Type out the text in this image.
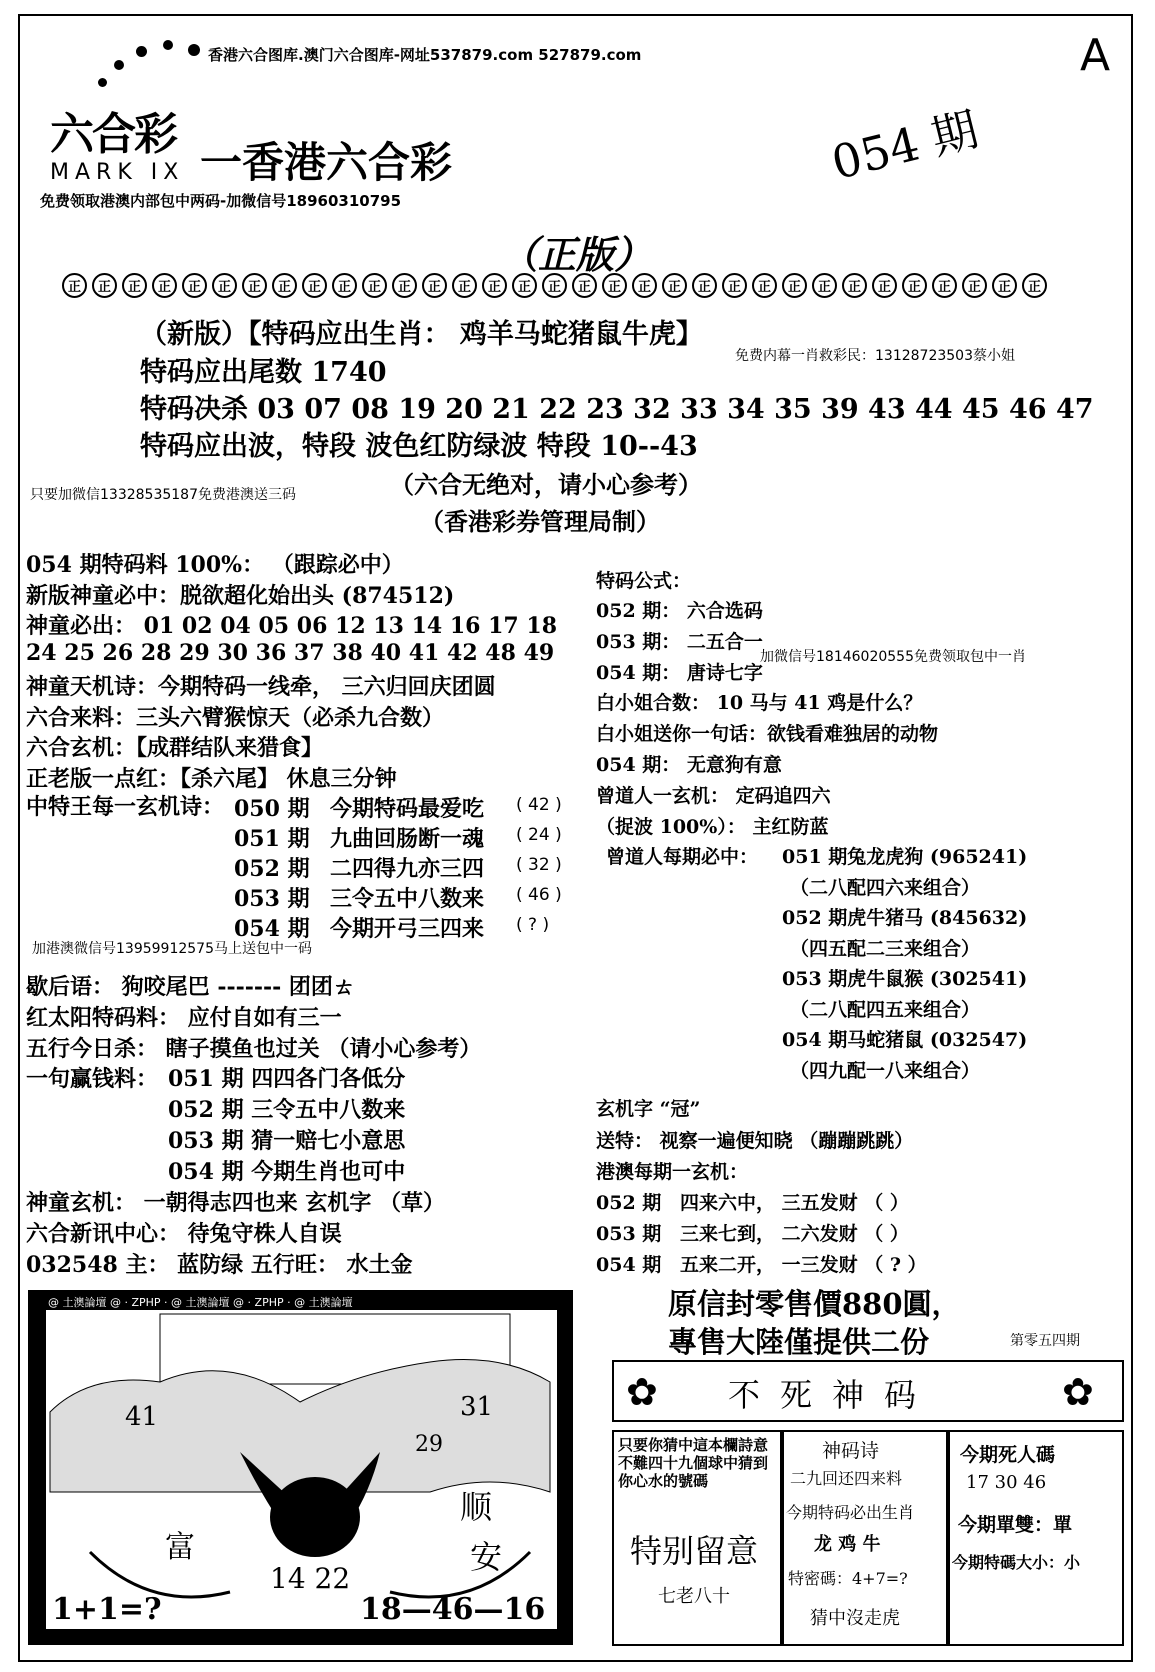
香港六合图库.澳门六合图库-网址537879.com 527879.com
六合彩
MARK IX 一香港六合彩
免费领取港澳内部包中两码-加微信号18960310795
054 期
A
（正版）
正	正	正	正	正	正	正	正	正	正	正	正	正	正	正	正	正	正	正	正	正	正	正	正	正	正	正	正	正	正	正	正	正
（新版）【特码应出生肖： 鸡羊马蛇猪鼠牛虎】
免费内幕一肖救彩民：13128723503蔡小姐
特码应出尾数 1740
特码决杀 03 07 08 19 20 21 22 23 32 33 34 35 39 43 44 45 46 47
特码应出波，特段 波色红防绿波 特段 10--43
（六合无绝对，请小心参考）
只要加微信13328535187免费港澳送三码
（香港彩券管理局制）
054 期特码料 100%： （跟踪必中）
新版神童必中：脱欲超化始出头 (874512)
神童必出： 01 02 04 05 06 12 13 14 16 17 18
24 25 26 28 29 30 36 37 38 40 41 42 48 49
神童天机诗：今期特码一线牵， 三六归回庆团圆
六合来料：三头六臂猴惊天（必杀九合数）
六合玄机：【成群结队来猎食】
正老版一点红：【杀六尾】 休息三分钟
中特王每一玄机诗： 050 期 今期特码最爱吃 ( 42 )
051 期 九曲回肠断一魂 ( 24 )
052 期 二四得九亦三四 ( 32 )
053 期 三令五中八数来 ( 46 )
054 期 今期开弓三四来 ( ? )
加港澳微信号13959912575马上送包中一码
歇后语： 狗咬尾巴 ------- 团团ㄊ
红太阳特码料： 应付自如有三一
五行今日杀： 瞎子摸鱼也过关 （请小心参考）
一句赢钱料： 051 期 四四各门各低分
052 期 三令五中八数来
053 期 猜一赔七小意思
054 期 今期生肖也可中
神童玄机： 一朝得志四也来 玄机字 （草）
六合新讯中心： 待兔守株人自误
032548 主： 蓝防绿 五行旺： 水土金
特码公式：
052 期： 六合选码
053 期： 二五合一
054 期： 唐诗七字
加微信号18146020555免费领取包中一肖
白小姐合数： 10 马与 41 鸡是什么？
白小姐送你一句话：欲钱看难独居的动物
054 期： 无意狗有意
曾道人一玄机： 定码追四六
（捉波 100%）： 主红防蓝
曾道人每期必中： 051 期兔龙虎狗 (965241)
（二八配四六来组合）
052 期虎牛猪马 (845632)
（四五配二三来组合）
053 期虎牛鼠猴 (302541)
（二八配四五来组合）
054 期马蛇猪鼠 (032547)
（四九配一八来组合）
玄机字 “冠”
送特： 视察一遍便知晓 （蹦蹦跳跳）
港澳每期一玄机：
052 期 四来六中， 三五发财 （ ）
053 期 三来七到， 二六发财 （ ）
054 期 五来二开， 一三发财 （ ? ）
@ 土澳論壇 @ · ZPHP · @ 土澳論壇 @ · ZPHP · @ 土澳論壇
41	31
29
富
顺
安
14 22
1+1=?	18—46—16
原信封零售價880圓，
專售大陸僅提供二份	第零五四期
✿	✿
不死神码
只要你猜中這本欄詩意不難四十九個球中猜到你心水的號碼
特别留意
七老八十
神码诗
二九回还四来料
今期特码必出生肖
龙 鸡 牛
特密碼：4+7=?
猜中沒走虎
今期死人碼
17 30 46
今期單雙：單
今期特碼大小：小
